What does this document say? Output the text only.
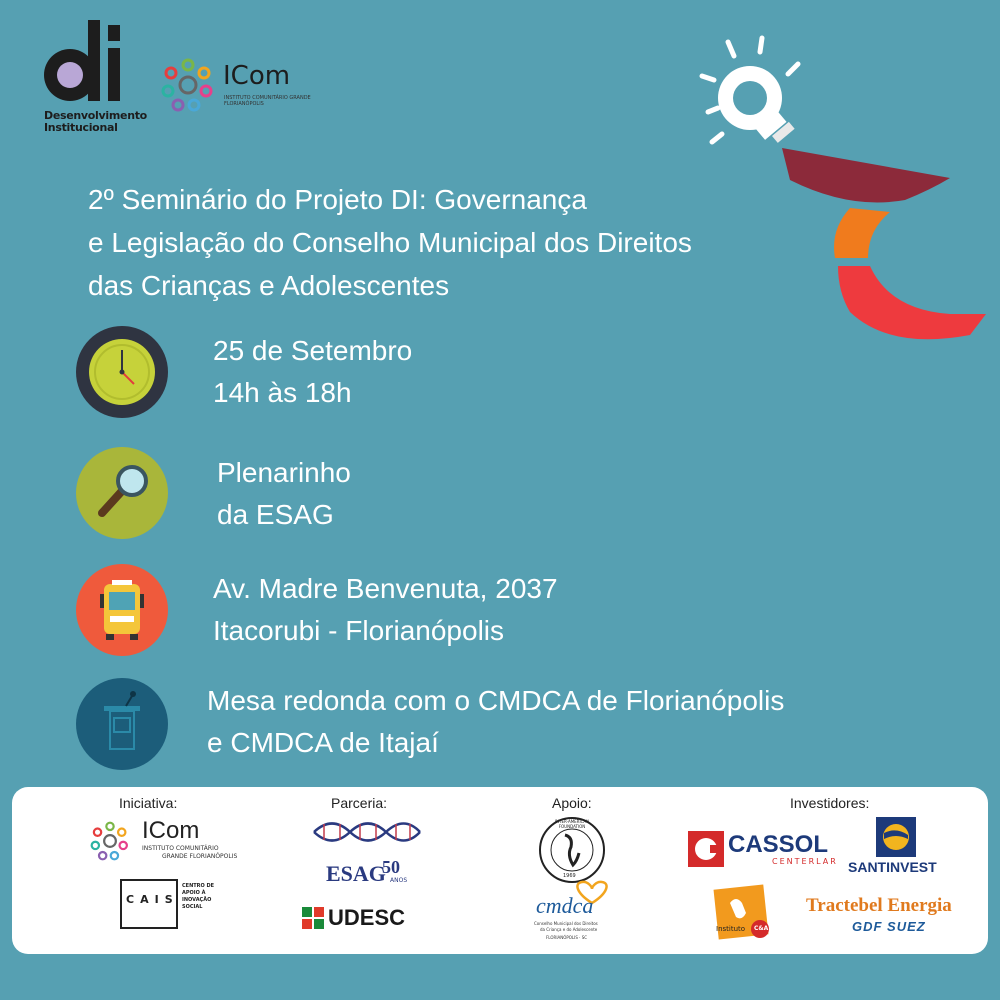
Desenvolvimento Institucional
ICom
INSTITUTO COMUNITÁRIO GRANDE FLORIANÓPOLIS
2º Seminário do Projeto DI: Governança
e Legislação do Conselho Municipal dos Direitos
das Crianças e Adolescentes
25 de Setembro
14h às 18h
Plenarinho
da ESAG
Av. Madre Benvenuta, 2037
Itacorubi - Florianópolis
Mesa redonda com o CMDCA de Florianópolis
e CMDCA de Itajaí
Iniciativa:	Parceria:	Apoio:	Investidores:
ICom
INSTITUTO COMUNITÁRIO
GRANDE FLORIANÓPOLIS
CAIS
CENTRO DE APOIO À INOVAÇÃO SOCIAL
ESAG
50
ANOS
UDESC
INTER-AMERICAN FOUNDATION
1969
cmdca
Conselho Municipal dos Direitos
da Criança e do Adolescente
FLORIANÓPOLIS · SC
CASSOL
CENTERLAR SANTINVEST
Instituto C&A
Tractebel Energia
GDF SUEZ
